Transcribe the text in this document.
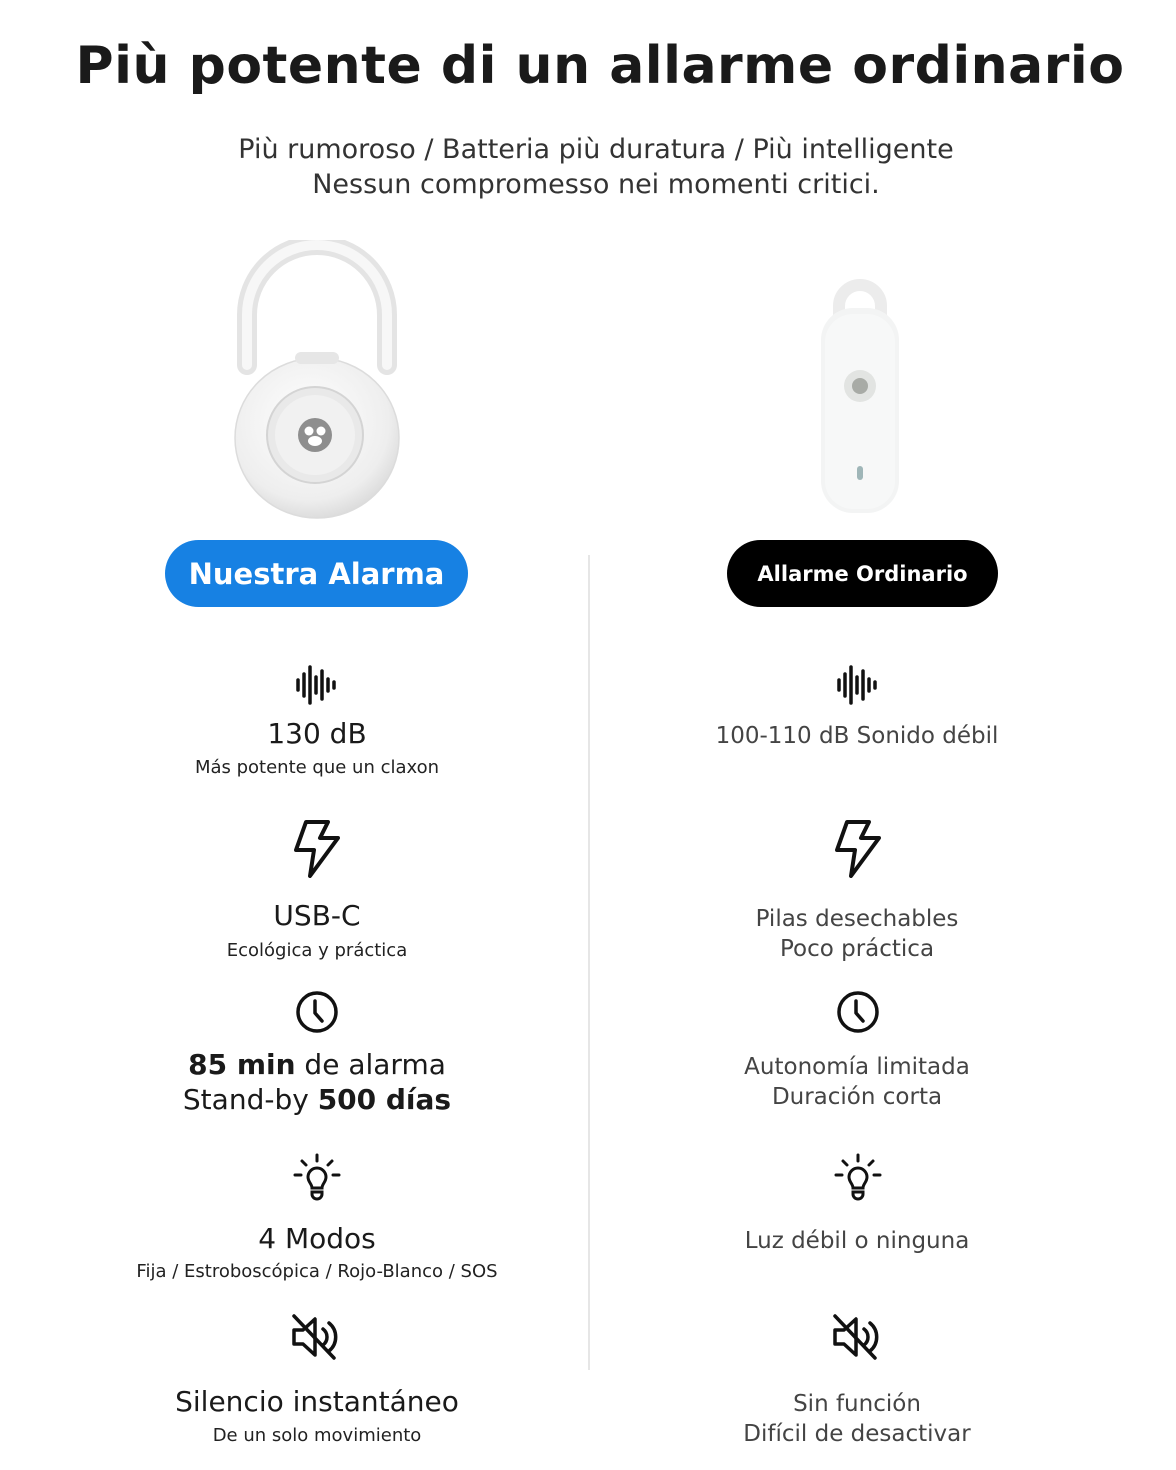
Più potente di un allarme ordinario
Più rumoroso / Batteria più duratura / Più intelligente
Nessun compromesso nei momenti critici.
Nuestra Alarma	Allarme Ordinario
130 dB
Más potente que un claxon
100-110 dB Sonido débil
USB-C
Ecológica y práctica
Pilas desechables
Poco práctica
85 min de alarma
Stand-by 500 días
Autonomía limitada
Duración corta
4 Modos
Fija / Estroboscópica / Rojo-Blanco / SOS
Luz débil o ninguna
Silencio instantáneo
De un solo movimiento
Sin función
Difícil de desactivar
